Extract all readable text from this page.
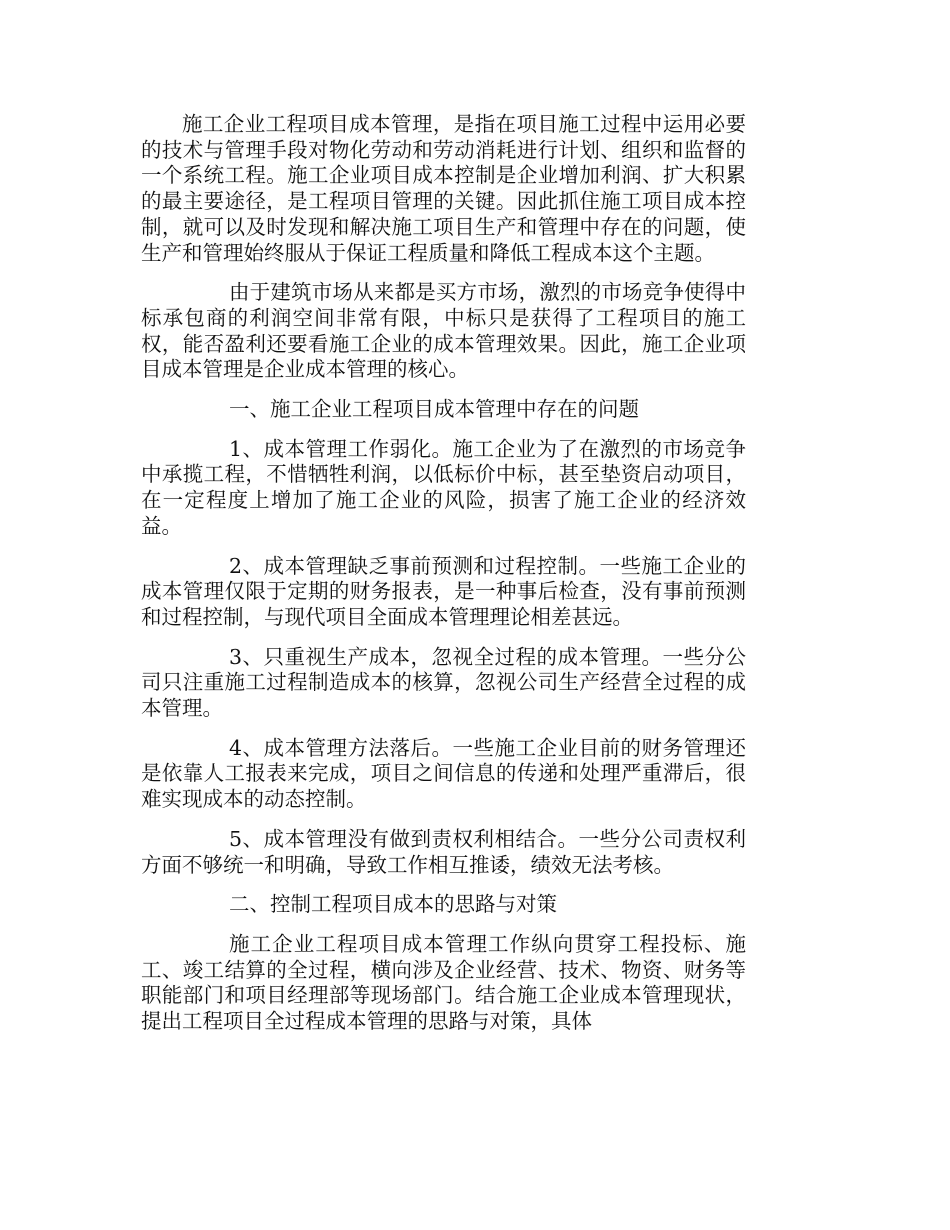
施工企业工程项目成本管理，是指在项目施工过程中运用必要的技术与管理手段对物化劳动和劳动消耗进行计划、组织和监督的一个系统工程。施工企业项目成本控制是企业增加利润、扩大积累的最主要途径，是工程项目管理的关键。因此抓住施工项目成本控制，就可以及时发现和解决施工项目生产和管理中存在的问题，使生产和管理始终服从于保证工程质量和降低工程成本这个主题。

由于建筑市场从来都是买方市场，激烈的市场竞争使得中标承包商的利润空间非常有限，中标只是获得了工程项目的施工权，能否盈利还要看施工企业的成本管理效果。因此，施工企业项目成本管理是企业成本管理的核心。

一、施工企业工程项目成本管理中存在的问题

1、成本管理工作弱化。施工企业为了在激烈的市场竞争中承揽工程，不惜牺牲利润，以低标价中标，甚至垫资启动项目，在一定程度上增加了施工企业的风险，损害了施工企业的经济效益。

2、成本管理缺乏事前预测和过程控制。一些施工企业的成本管理仅限于定期的财务报表，是一种事后检查，没有事前预测和过程控制，与现代项目全面成本管理理论相差甚远。

3、只重视生产成本，忽视全过程的成本管理。一些分公司只注重施工过程制造成本的核算，忽视公司生产经营全过程的成本管理。

4、成本管理方法落后。一些施工企业目前的财务管理还是依靠人工报表来完成，项目之间信息的传递和处理严重滞后，很难实现成本的动态控制。

5、成本管理没有做到责权利相结合。一些分公司责权利方面不够统一和明确，导致工作相互推诿，绩效无法考核。

二、控制工程项目成本的思路与对策

施工企业工程项目成本管理工作纵向贯穿工程投标、施工、竣工结算的全过程，横向涉及企业经营、技术、物资、财务等职能部门和项目经理部等现场部门。结合施工企业成本管理现状，提出工程项目全过程成本管理的思路与对策，具体
